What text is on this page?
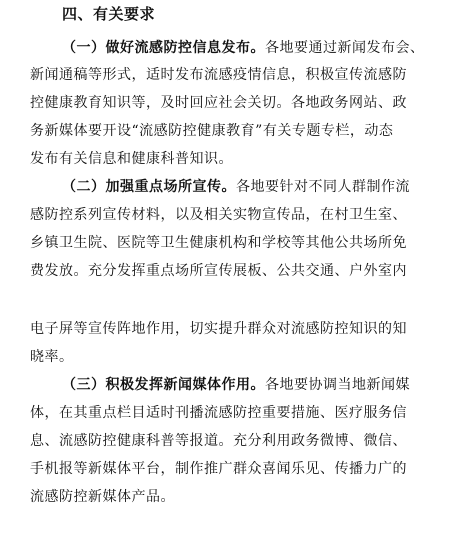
四、有关要求
（一）做好流感防控信息发布。各地要通过新闻发布会、
新闻通稿等形式，适时发布流感疫情信息，积极宣传流感防
控健康教育知识等，及时回应社会关切。各地政务网站、政
务新媒体要开设“流感防控健康教育”有关专题专栏，动态
发布有关信息和健康科普知识。
（二）加强重点场所宣传。各地要针对不同人群制作流
感防控系列宣传材料，以及相关实物宣传品，在村卫生室、
乡镇卫生院、医院等卫生健康机构和学校等其他公共场所免
费发放。充分发挥重点场所宣传展板、公共交通、户外室内
电子屏等宣传阵地作用，切实提升群众对流感防控知识的知
晓率。
（三）积极发挥新闻媒体作用。各地要协调当地新闻媒
体，在其重点栏目适时刊播流感防控重要措施、医疗服务信
息、流感防控健康科普等报道。充分利用政务微博、微信、
手机报等新媒体平台，制作推广群众喜闻乐见、传播力广的
流感防控新媒体产品。
